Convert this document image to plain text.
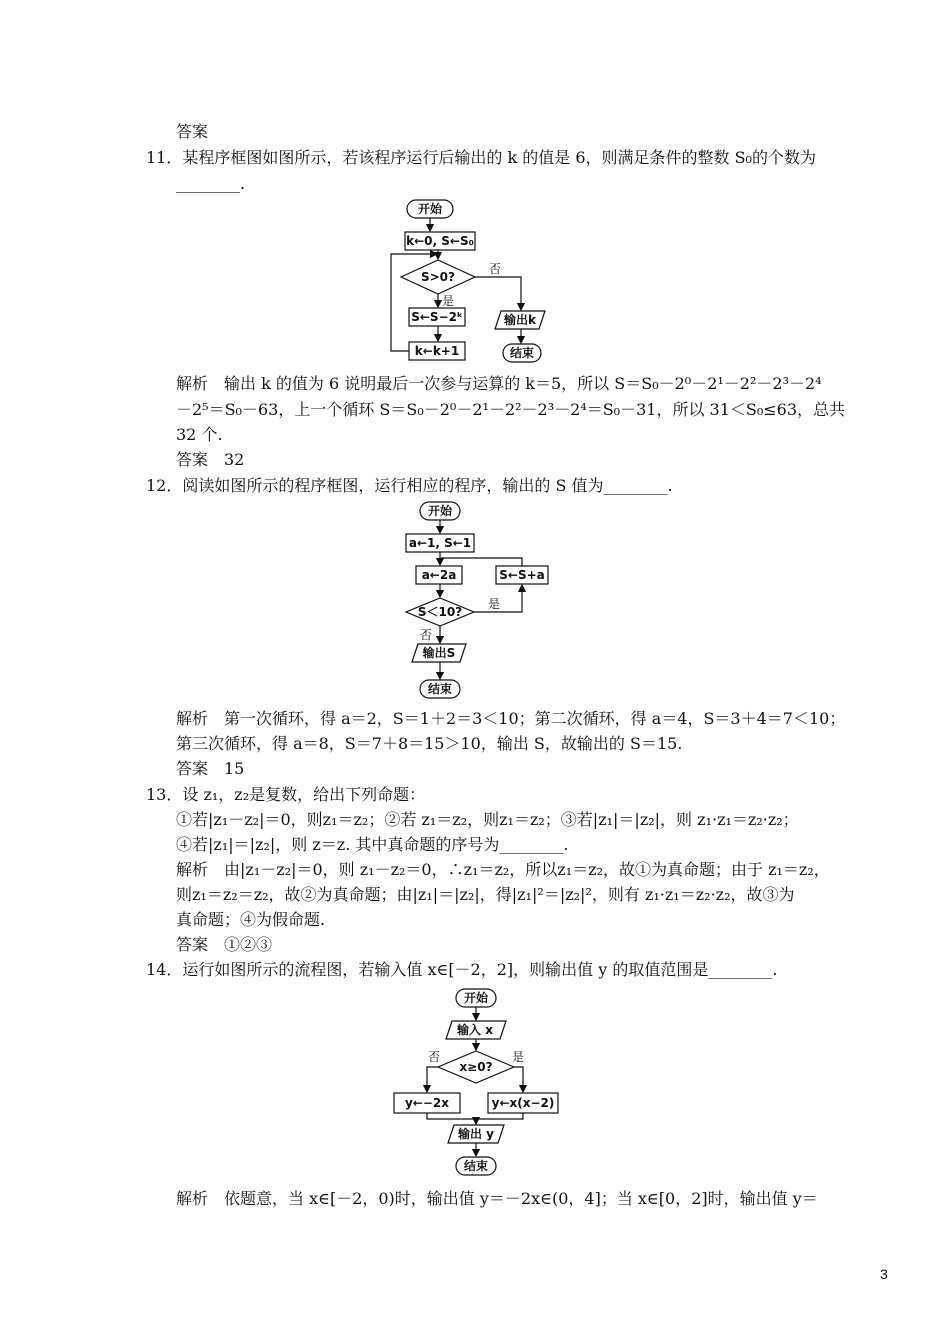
答案
11．某程序框图如图所示，若该程序运行后输出的 k 的值是 6，则满足条件的整数 S₀的个数为
________.
开始
k←0, S←S₀
S>0?
否
是
S←S−2ᵏ
k←k+1
输出k
结束
解析　输出 k 的值为 6 说明最后一次参与运算的 k＝5，所以 S＝S₀－2⁰－2¹－2²－2³－2⁴
－2⁵＝S₀－63，上一个循环 S＝S₀－2⁰－2¹－2²－2³－2⁴＝S₀－31，所以 31＜S₀≤63，总共
32 个.
答案　32
12．阅读如图所示的程序框图，运行相应的程序，输出的 S 值为________.
开始
a←1, S←1
a←2a	S←S+a
S＜10?
是
否
输出S
结束
解析　第一次循环，得 a＝2，S＝1＋2＝3＜10；第二次循环，得 a＝4，S＝3＋4＝7＜10；
第三次循环，得 a＝8，S＝7＋8＝15＞10，输出 S，故输出的 S＝15.
答案　15
13．设 z₁，z₂是复数，给出下列命题：
①若|z₁－z₂|＝0，则z₁＝z₂；②若 z₁＝z₂，则z₁＝z₂；③若|z₁|＝|z₂|，则 z₁·z₁＝z₂·z₂；
④若|z₁|＝|z₂|，则 z＝z. 其中真命题的序号为________.
解析　由|z₁－z₂|＝0，则 z₁－z₂＝0，∴z₁＝z₂，所以z₁＝z₂，故①为真命题；由于 z₁＝z₂，
则z₁＝z₂＝z₂，故②为真命题；由|z₁|＝|z₂|，得|z₁|²＝|z₂|²，则有 z₁·z₁＝z₂·z₂，故③为
真命题；④为假命题.
答案　①②③
14．运行如图所示的流程图，若输入值 x∈[－2，2]，则输出值 y 的取值范围是________.
开始
输入 x
x≥0?
否	是
y←−2x	y←x(x−2)
输出 y
结束
解析　依题意，当 x∈[－2，0)时，输出值 y＝－2x∈(0，4]；当 x∈[0，2]时，输出值 y＝
3
